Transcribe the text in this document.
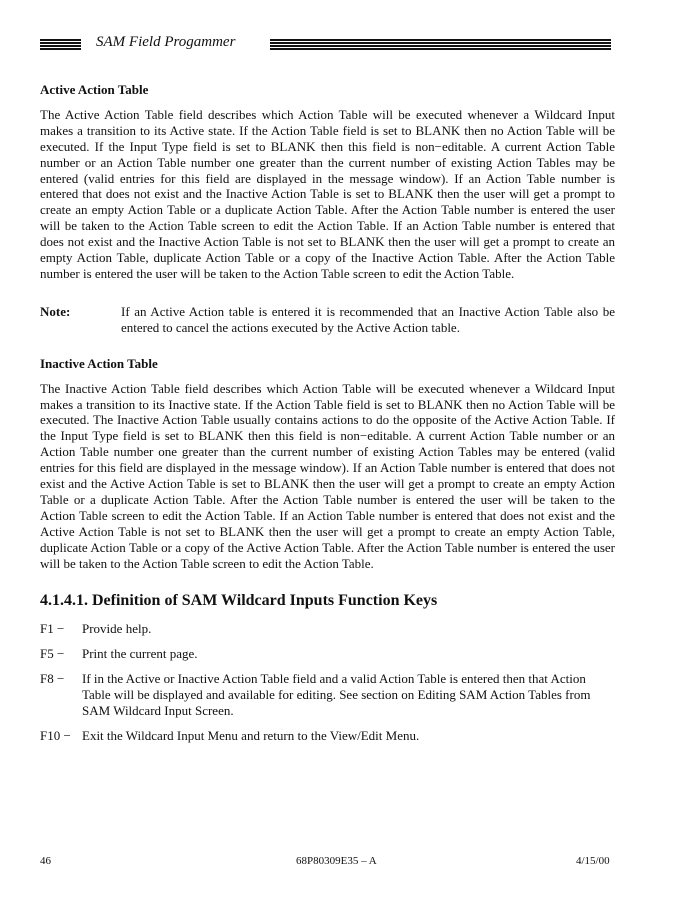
SAM Field Progammer
Active Action Table

The Active Action Table field describes which Action Table will be executed whenever a Wildcard Input makes a transition to its Active state. If the Action Table field is set to BLANK then no Action Table will be executed. If the Input Type field is set to BLANK then this field is non−editable. A current Action Table number or an Action Table number one greater than the current number of existing Action Tables may be entered (valid entries for this field are displayed in the message window). If an Action Table number is entered that does not exist and the Inactive Action Table is set to BLANK then the user will get a prompt to create an empty Action Table or a duplicate Action Table. After the Action Table number is entered the user will be taken to the Action Table screen to edit the Action Table. If an Action Table number is entered that does not exist and the Inactive Action Table is not set to BLANK then the user will get a prompt to create an empty Action Table, duplicate Action Table or a copy of the Inactive Action Table. After the Action Table number is entered the user will be taken to the Action Table screen to edit the Action Table.

Note:	If an Active Action table is entered it is recommended that an Inactive Action Table also be entered to cancel the actions executed by the Active Action table.
Inactive Action Table

The Inactive Action Table field describes which Action Table will be executed whenever a Wildcard Input makes a transition to its Inactive state. If the Action Table field is set to BLANK then no Action Table will be executed. The Inactive Action Table usually contains actions to do the opposite of the Active Action Table. If the Input Type field is set to BLANK then this field is non−editable. A current Action Table number or an Action Table number one greater than the current number of existing Action Tables may be entered (valid entries for this field are displayed in the message window). If an Action Table number is entered that does not exist and the Active Action Table is set to BLANK then the user will get a prompt to create an empty Action Table or a duplicate Action Table. After the Action Table number is entered the user will be taken to the Action Table screen to edit the Action Table. If an Action Table number is entered that does not exist and the Active Action Table is not set to BLANK then the user will get a prompt to create an empty Action Table, duplicate Action Table or a copy of the Active Action Table. After the Action Table number is entered the user will be taken to the Action Table screen to edit the Action Table.

4.1.4.1. Definition of SAM Wildcard Inputs Function Keys
F1 −	Provide help.
F5 −	Print the current page.
F8 −	If in the Active or Inactive Action Table field and a valid Action Table is entered then that Action Table will be displayed and available for editing. See section on Editing SAM Action Tables from SAM Wildcard Input Screen.
F10 − Exit the Wildcard Input Menu and return to the View/Edit Menu.
46	68P80309E35 – A	4/15/00
